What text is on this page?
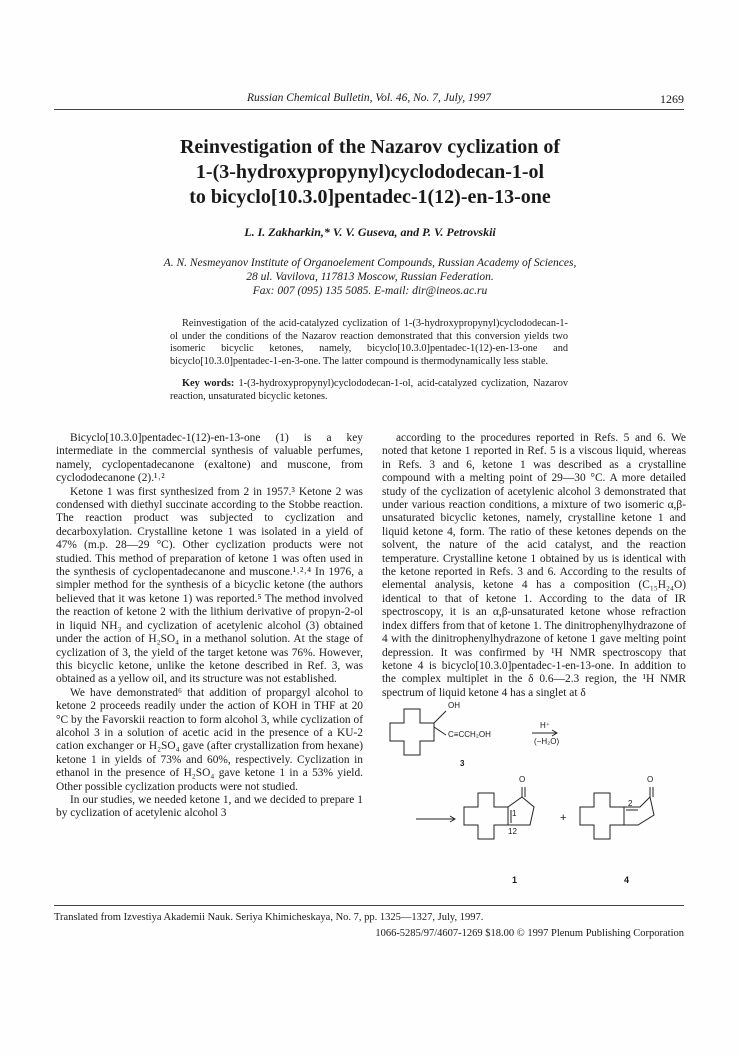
Russian Chemical Bulletin, Vol. 46, No. 7, July, 1997	1269
Reinvestigation of the Nazarov cyclization of
1-(3-hydroxypropynyl)cyclododecan-1-ol
to bicyclo[10.3.0]pentadec-1(12)-en-13-one
L. I. Zakharkin,* V. V. Guseva, and P. V. Petrovskii
A. N. Nesmeyanov Institute of Organoelement Compounds, Russian Academy of Sciences,
28 ul. Vavilova, 117813 Moscow, Russian Federation.
Fax: 007 (095) 135 5085. E-mail: dir@ineos.ac.ru
Reinvestigation of the acid-catalyzed cyclization of 1-(3-hydroxypropynyl)cyclododecan-1-ol under the conditions of the Nazarov reaction demonstrated that this conversion yields two isomeric bicyclic ketones, namely, bicyclo[10.3.0]pentadec-1(12)-en-13-one and bicyclo[10.3.0]pentadec-1-en-3-one. The latter compound is thermodynamically less stable.
Key words: 1-(3-hydroxypropynyl)cyclododecan-1-ol, acid-catalyzed cyclization, Nazarov reaction, unsaturated bicyclic ketones.

Bicyclo[10.3.0]pentadec-1(12)-en-13-one (1) is a key intermediate in the commercial synthesis of valuable perfumes, namely, cyclopentadecanone (exaltone) and muscone, from cyclododecanone (2).¹˒²

Ketone 1 was first synthesized from 2 in 1957.³ Ketone 2 was condensed with diethyl succinate according to the Stobbe reaction. The reaction product was subjected to cyclization and decarboxylation. Crystalline ketone 1 was isolated in a yield of 47% (m.p. 28—29 °C). Other cyclization products were not studied. This method of preparation of ketone 1 was often used in the synthesis of cyclopentadecanone and muscone.¹˒²˒⁴ In 1976, a simpler method for the synthesis of a bicyclic ketone (the authors believed that it was ketone 1) was reported.⁵ The method involved the reaction of ketone 2 with the lithium derivative of propyn-2-ol in liquid NH₃ and cyclization of acetylenic alcohol (3) obtained under the action of H₂SO₄ in a methanol solution. At the stage of cyclization of 3, the yield of the target ketone was 76%. However, this bicyclic ketone, unlike the ketone described in Ref. 3, was obtained as a yellow oil, and its structure was not established.

We have demonstrated⁶ that addition of propargyl alcohol to ketone 2 proceeds readily under the action of KOH in THF at 20 °C by the Favorskii reaction to form alcohol 3, while cyclization of alcohol 3 in a solution of acetic acid in the presence of a KU-2 cation exchanger or H₂SO₄ gave (after crystallization from hexane) ketone 1 in yields of 73% and 60%, respectively. Cyclization in ethanol in the presence of H₂SO₄ gave ketone 1 in a 53% yield. Other possible cyclization products were not studied.

In our studies, we needed ketone 1, and we decided to prepare 1 by cyclization of acetylenic alcohol 3

according to the procedures reported in Refs. 5 and 6. We noted that ketone 1 reported in Ref. 5 is a viscous liquid, whereas in Refs. 3 and 6, ketone 1 was described as a crystalline compound with a melting point of 29—30 °C. A more detailed study of the cyclization of acetylenic alcohol 3 demonstrated that under various reaction conditions, a mixture of two isomeric α,β-unsaturated bicyclic ketones, namely, crystalline ketone 1 and liquid ketone 4, form. The ratio of these ketones depends on the solvent, the nature of the acid catalyst, and the reaction temperature. Crystalline ketone 1 obtained by us is identical with the ketone reported in Refs. 3 and 6. According to the results of elemental analysis, ketone 4 has a composition (C₁₅H₂₄O) identical to that of ketone 1. According to the data of IR spectroscopy, it is an α,β-unsaturated ketone whose refraction index differs from that of ketone 1. The dinitrophenylhydrazone of 4 with the dinitrophenylhydrazone of ketone 1 gave melting point depression. It was confirmed by ¹H NMR spectroscopy that ketone 4 is bicyclo[10.3.0]pentadec-1-en-13-one. In addition to the complex multiplet in the δ 0.6—2.3 region, the ¹H NMR spectrum of liquid ketone 4 has a singlet at δ

OH
C≡CCH₂OH
H⁺
(−H₂O)
3
O	O
1
12
2
+
1	4
Translated from Izvestiya Akademii Nauk. Seriya Khimicheskaya, No. 7, pp. 1325—1327, July, 1997.
1066-5285/97/4607-1269 $18.00 © 1997 Plenum Publishing Corporation
